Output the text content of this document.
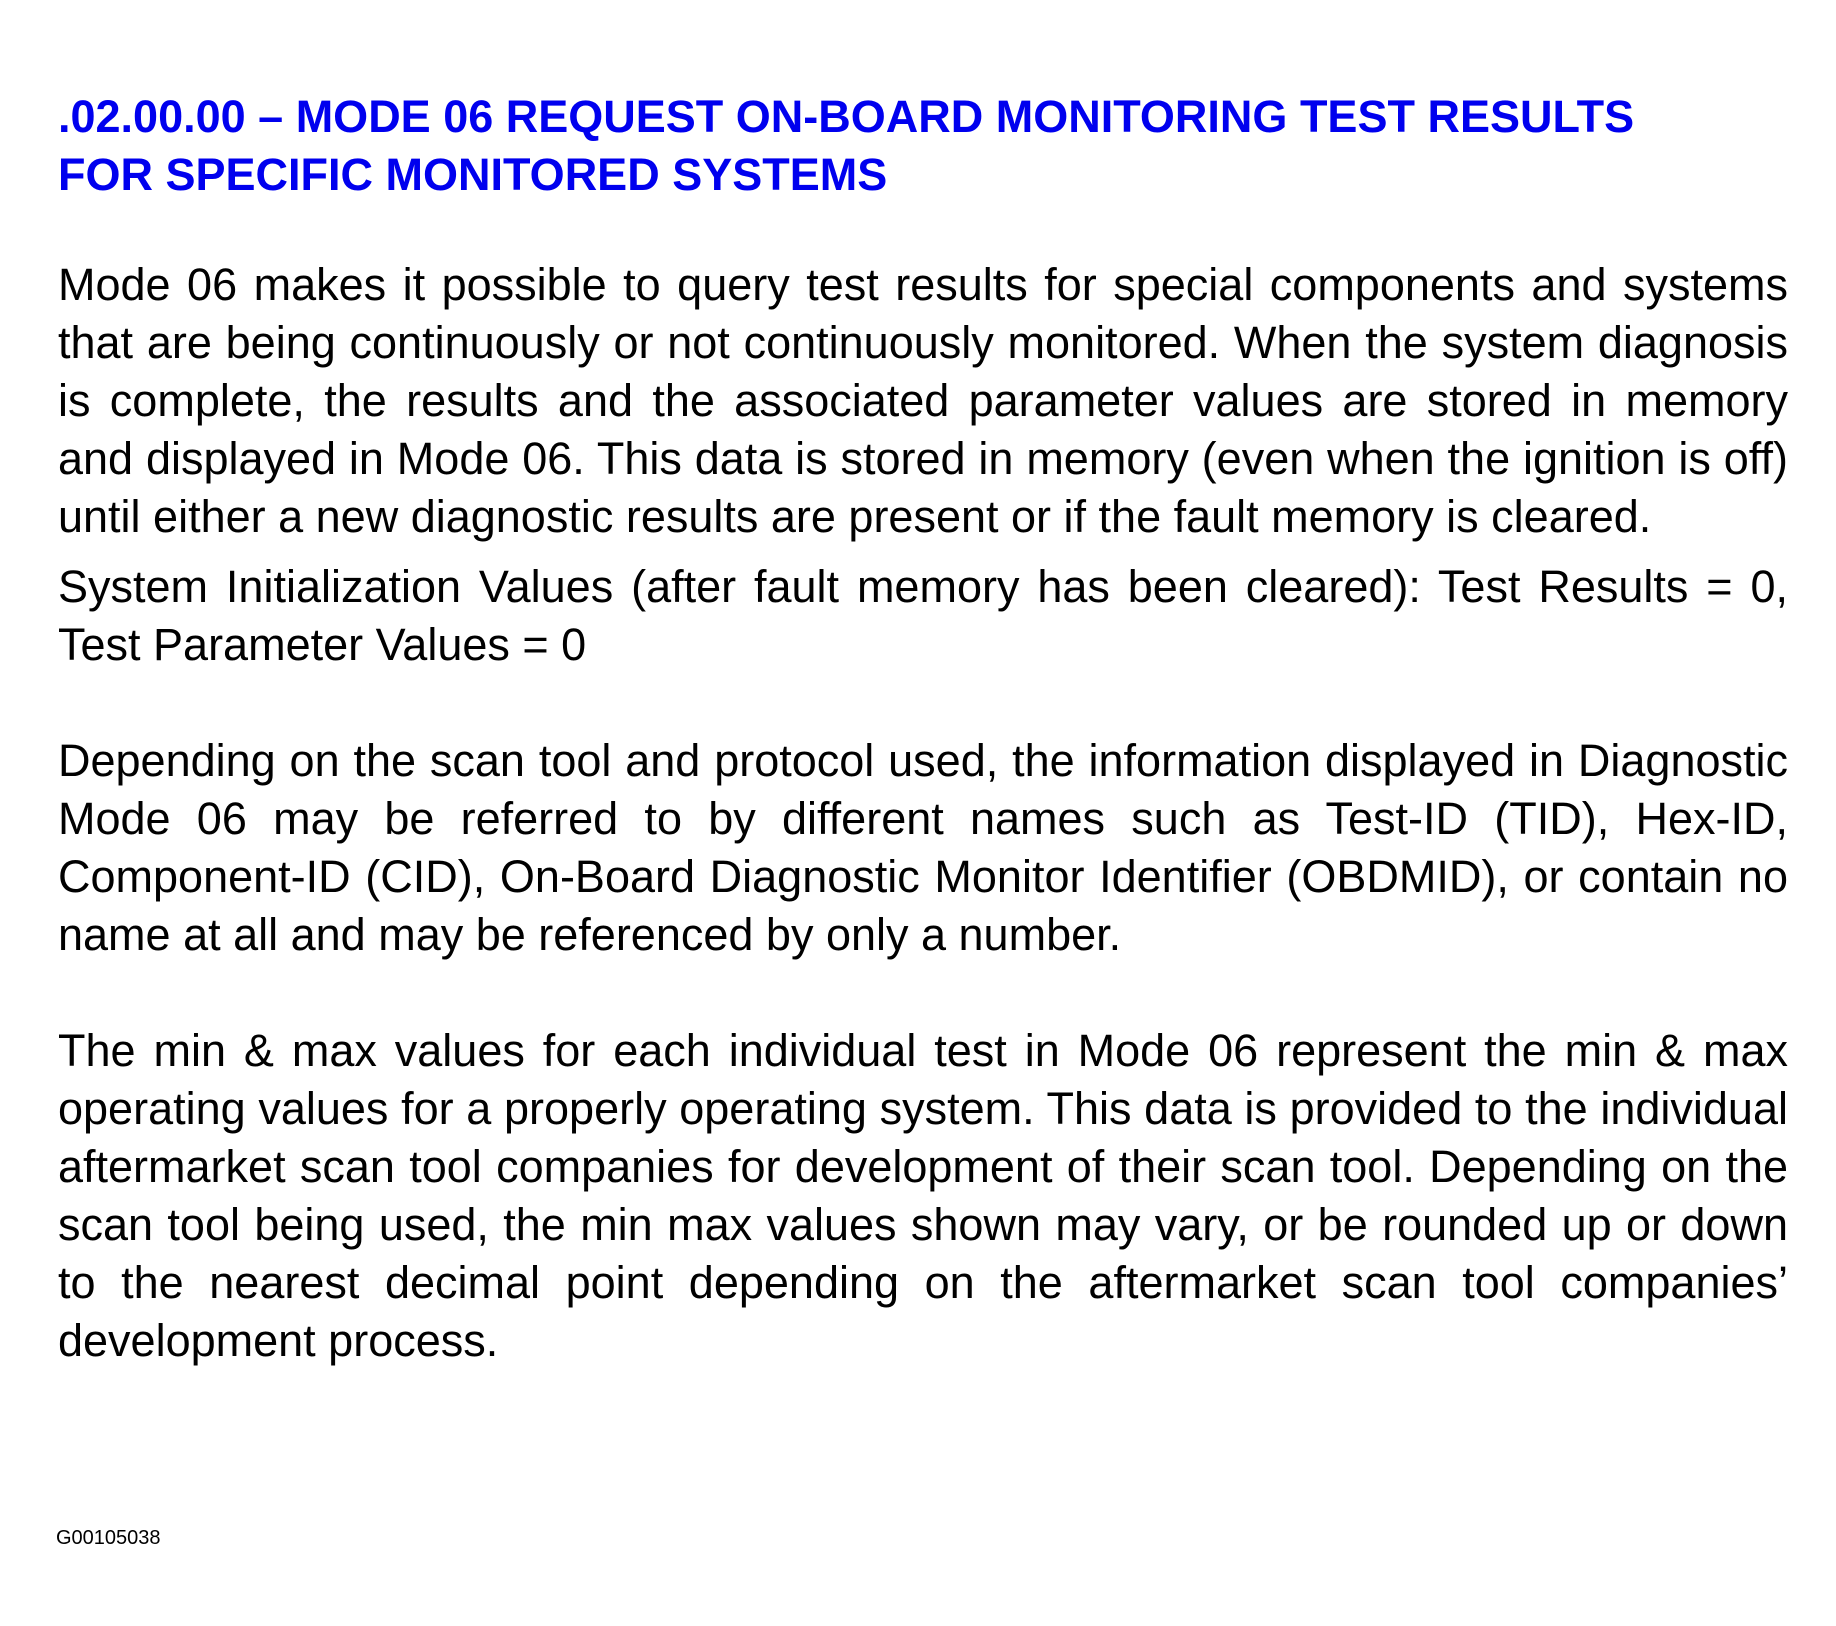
.02.00.00 – MODE 06 REQUEST ON-BOARD MONITORING TEST RESULTS
FOR SPECIFIC MONITORED SYSTEMS

Mode 06 makes it possible to query test results for special components and systems that are being continuously or not continuously monitored. When the system diagnosis is complete, the results and the associated parameter values are stored in memory and displayed in Mode 06. This data is stored in memory (even when the ignition is off) until either a new diagnostic results are present or if the fault memory is cleared.

System Initialization Values (after fault memory has been cleared): Test Results = 0, Test Parameter Values = 0

Depending on the scan tool and protocol used, the information displayed in Diagnostic Mode 06 may be referred to by different names such as Test-ID (TID), Hex-ID, Component-ID (CID), On-Board Diagnostic Monitor Identifier (OBDMID), or contain no name at all and may be referenced by only a number.

The min & max values for each individual test in Mode 06 represent the min & max operating values for a properly operating system. This data is provided to the individual aftermarket scan tool companies for development of their scan tool. Depending on the scan tool being used, the min max values shown may vary, or be rounded up or down to the nearest decimal point depending on the aftermarket scan tool companies’ development process.

G00105038
